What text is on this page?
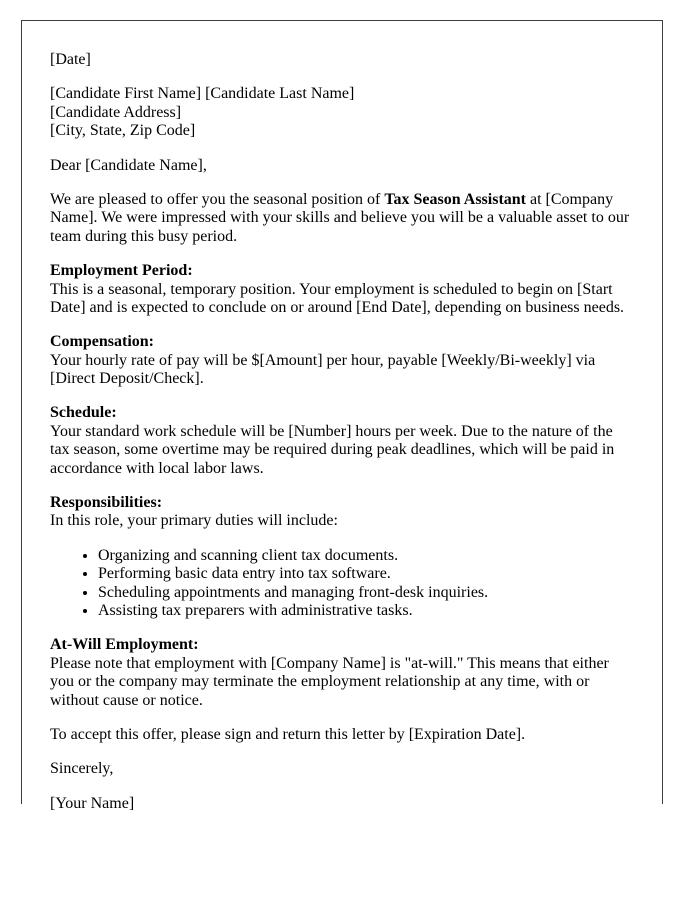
[Date]

[Candidate First Name] [Candidate Last Name]
[Candidate Address]
[City, State, Zip Code]

Dear [Candidate Name],

We are pleased to offer you the seasonal position of Tax Season Assistant at [Company Name]. We were impressed with your skills and believe you will be a valuable asset to our team during this busy period.

Employment Period:
This is a seasonal, temporary position. Your employment is scheduled to begin on [Start Date] and is expected to conclude on or around [End Date], depending on business needs.

Compensation:
Your hourly rate of pay will be $[Amount] per hour, payable [Weekly/Bi-weekly] via [Direct Deposit/Check].

Schedule:
Your standard work schedule will be [Number] hours per week. Due to the nature of the tax season, some overtime may be required during peak deadlines, which will be paid in accordance with local labor laws.

Responsibilities:
In this role, your primary duties will include:

• Organizing and scanning client tax documents.
• Performing basic data entry into tax software.
• Scheduling appointments and managing front-desk inquiries.
• Assisting tax preparers with administrative tasks.

At-Will Employment:
Please note that employment with [Company Name] is "at-will." This means that either you or the company may terminate the employment relationship at any time, with or without cause or notice.

To accept this offer, please sign and return this letter by [Expiration Date].

Sincerely,

[Your Name]
